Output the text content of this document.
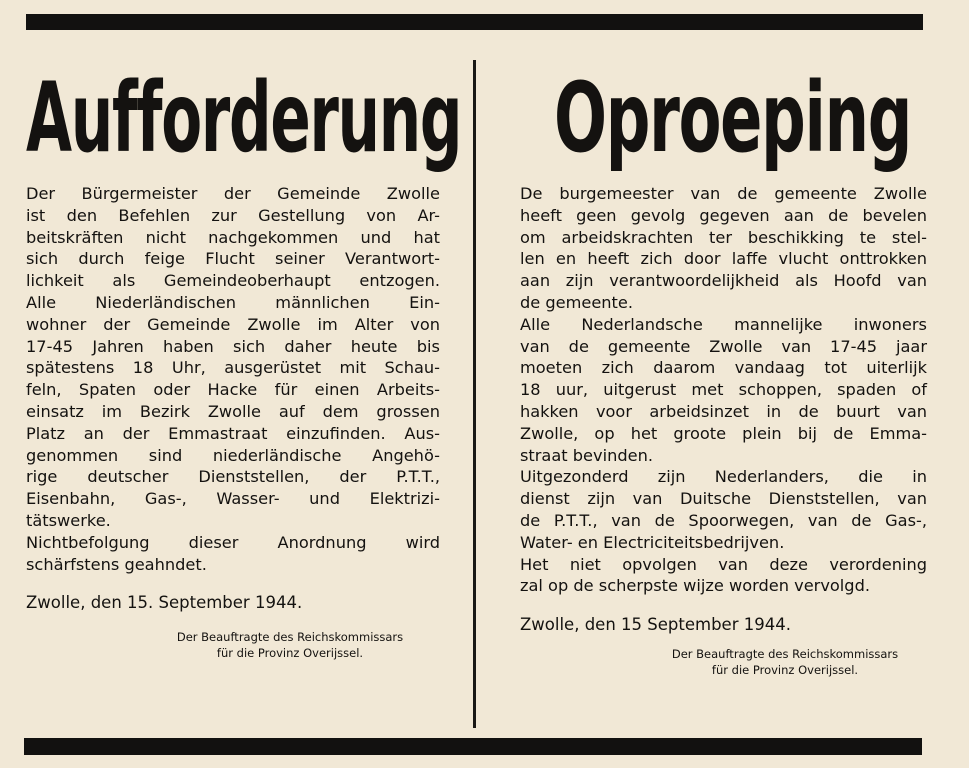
Aufforderung

Der Bürgermeister der Gemeinde Zwolle
ist den Befehlen zur Gestellung von Ar-
beitskräften nicht nachgekommen und hat
sich durch feige Flucht seiner Verantwort-
lichkeit als Gemeindeoberhaupt entzogen.
Alle Niederländischen männlichen Ein-
wohner der Gemeinde Zwolle im Alter von
17-45 Jahren haben sich daher heute bis
spätestens 18 Uhr, ausgerüstet mit Schau-
feln, Spaten oder Hacke für einen Arbeits-
einsatz im Bezirk Zwolle auf dem grossen
Platz an der Emmastraat einzufinden. Aus-
genommen sind niederländische Angehö-
rige deutscher Dienststellen, der P.T.T.,
Eisenbahn, Gas-, Wasser- und Elektrizi-
tätswerke.
Nichtbefolgung dieser Anordnung wird
schärfstens geahndet.

Zwolle, den 15. September 1944.

Der Beauftragte des Reichskommissars
für die Provinz Overijssel.

Oproeping

De burgemeester van de gemeente Zwolle
heeft geen gevolg gegeven aan de bevelen
om arbeidskrachten ter beschikking te stel-
len en heeft zich door laffe vlucht onttrokken
aan zijn verantwoordelijkheid als Hoofd van
de gemeente.
Alle Nederlandsche mannelijke inwoners
van de gemeente Zwolle van 17-45 jaar
moeten zich daarom vandaag tot uiterlijk
18 uur, uitgerust met schoppen, spaden of
hakken voor arbeidsinzet in de buurt van
Zwolle, op het groote plein bij de Emma-
straat bevinden.
Uitgezonderd zijn Nederlanders, die in
dienst zijn van Duitsche Dienststellen, van
de P.T.T., van de Spoorwegen, van de Gas-,
Water- en Electriciteitsbedrijven.
Het niet opvolgen van deze verordening
zal op de scherpste wijze worden vervolgd.

Zwolle, den 15 September 1944.

Der Beauftragte des Reichskommissars
für die Provinz Overijssel.
